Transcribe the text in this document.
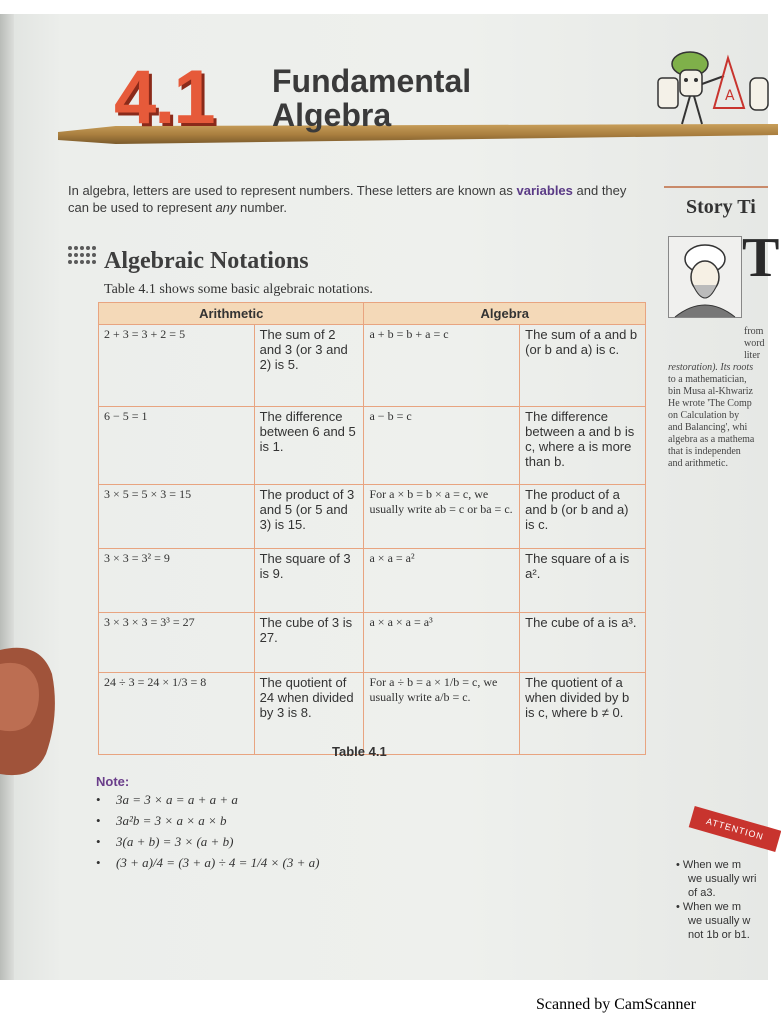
4.1 Fundamental
Algebra
A
In algebra, letters are used to represent numbers. These letters are known as variables and they can be used to represent any number.
Algebraic Notations
Table 4.1 shows some basic algebraic notations.
Arithmetic		Algebra	
2 + 3 = 3 + 2 = 5	The sum of 2 and 3 (or 3 and 2) is 5.	a + b = b + a = c	The sum of a and b (or b and a) is c.
6 − 5 = 1	The difference between 6 and 5 is 1.	a − b = c	The difference between a and b is c, where a is more than b.
3 × 5 = 5 × 3 = 15	The product of 3 and 5 (or 5 and 3) is 15.	For a × b = b × a = c, we usually write ab = c or ba = c.	The product of a and b (or b and a) is c.
3 × 3 = 3² = 9	The square of 3 is 9.	a × a = a²	The square of a is a².
3 × 3 × 3 = 3³ = 27	The cube of 3 is 27.	a × a × a = a³	The cube of a is a³.
24 ÷ 3 = 24 × 1/3 = 8	The quotient of 24 when divided by 3 is 8.	For a ÷ b = a × 1/b = c, we usually write a/b = c.	The quotient of a when divided by b is c, where b ≠ 0.
Table 4.1
Note:
• 3a = 3 × a = a + a + a
• 3a²b = 3 × a × a × b
• 3(a + b) = 3 × (a + b)
• (3 + a)/4 = (3 + a) ÷ 4 = 1/4 × (3 + a)
Story Ti
T
from
word
liter
restoration). Its roots
to a mathematician,
bin Musa al-Khwariz
He wrote 'The Comp
on Calculation by
and Balancing', whi
algebra as a mathema
that is independen
and arithmetic.
ATTENTION
• When we m
we usually wri
of a3.
• When we m
we usually w
not 1b or b1.
Scanned by CamScanner
